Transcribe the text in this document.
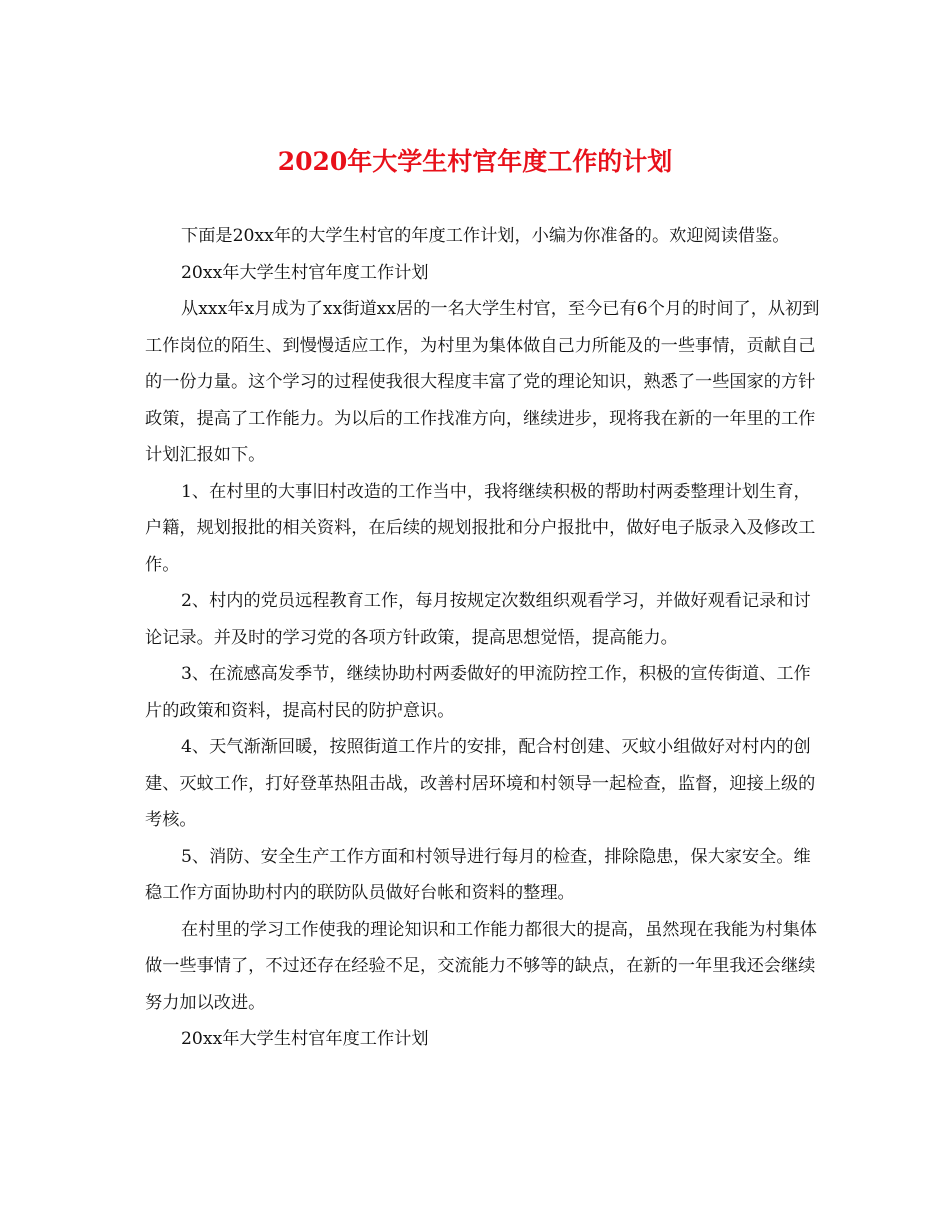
2020年大学生村官年度工作的计划

下面是20xx年的大学生村官的年度工作计划，小编为你准备的。欢迎阅读借鉴。

20xx年大学生村官年度工作计划

从xxx年x月成为了xx街道xx居的一名大学生村官，至今已有6个月的时间了，从初到工作岗位的陌生、到慢慢适应工作，为村里为集体做自己力所能及的一些事情，贡献自己的一份力量。这个学习的过程使我很大程度丰富了党的理论知识，熟悉了一些国家的方针政策，提高了工作能力。为以后的工作找准方向，继续进步，现将我在新的一年里的工作计划汇报如下。

1、在村里的大事旧村改造的工作当中，我将继续积极的帮助村两委整理计划生育，户籍，规划报批的相关资料，在后续的规划报批和分户报批中，做好电子版录入及修改工作。

2、村内的党员远程教育工作，每月按规定次数组织观看学习，并做好观看记录和讨论记录。并及时的学习党的各项方针政策，提高思想觉悟，提高能力。

3、在流感高发季节，继续协助村两委做好的甲流防控工作，积极的宣传街道、工作片的政策和资料，提高村民的防护意识。

4、天气渐渐回暖，按照街道工作片的安排，配合村创建、灭蚊小组做好对村内的创建、灭蚊工作，打好登革热阻击战，改善村居环境和村领导一起检查，监督，迎接上级的考核。

5、消防、安全生产工作方面和村领导进行每月的检查，排除隐患，保大家安全。维稳工作方面协助村内的联防队员做好台帐和资料的整理。

在村里的学习工作使我的理论知识和工作能力都很大的提高，虽然现在我能为村集体做一些事情了，不过还存在经验不足，交流能力不够等的缺点，在新的一年里我还会继续努力加以改进。

20xx年大学生村官年度工作计划
